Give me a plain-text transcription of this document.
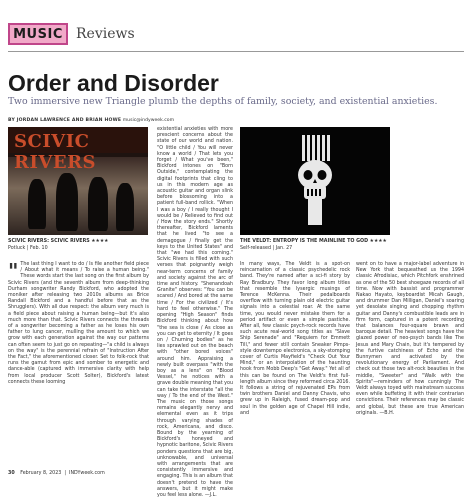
MUSIC Reviews
Order and Disorder
Two immersive new Triangle plumb the depths of family, society, and existential anxieties.
BY JORDAN LAWRENCE AND BRIAN HOWE music@indyweek.com
SCIVIC RIVERS
SCIVIC RIVERS: SCIVIC RIVERS ★★★★
Potluck | Feb. 10
THE VELDT: ENTROPY IS THE MAINLINE TO GOD ★★★★
Self-released | Jan. 27
existential anxieties with more prescient concerns about the state of our world and nation. "O little child / You will never know a world / That lets you forget / What you've been," Bickford intones on "Born Outside," contemplating the digital footprints that cling to us in this modern age as acoustic guitar and organ slink before blossoming into a patient full-band rollick. "When I was a boy / I really thought I would be / Relieved to find out / How the story ends." Shortly thereafter, Bickford laments that he lived "to see a demagogue / finally get the keys to the United States" and that "we had this coming." Scivic Rivers is filled with such verses that poignantly weigh near-term concerns of family and society against the arc of time and history. "Shenandoah Granite" observes: "You can be scared / And bored at the same time / For the civilized / It's hard to feel otherwise." The opening "High Season" finds Bickford thinking about how "the sea is close / As close as you can get to eternity / It goes on / Churning bodies" as he lies sprawled out on the beach with "other bored voices" around him. Appraising a newly built overpass "with the boy as a lens" on "Blood Vessel," he notices with a grave double meaning that you can take the interstate "all the way / To the end of the West." The music on those songs remains elegantly nervy and elemental even as it trips through varying shades of rock, Americana, and disco. Bound by the yearning of Bickford's honeyed and hypnotic baritone, Scivic Rivers ponders questions that are big, unknowable, and universal with arrangements that are consistently immersive and engaging. This is an album that doesn't pretend to have the answers, but it might make you feel less alone. —J.L.
" The last thing I want to do / Is file another field piece / About what it means / To raise a human being." These words start the last song on the first album by Scivic Rivers (and the seventh album from deep-thinking Durham songwriter Randy Bickford, who adopted the moniker after releasing two 2010s albums as Brice Randall Bickford and a handful before that as the Shrugglers). With all due respect: the album very much is a field piece about raising a human being—but it's also much more than that. Scivic Rivers connects the threads of a songwriter becoming a father as he loses his own father to lung cancer, mulling the amount to which we grow with each generation against the way our patterns can often seem to just go on repeating—"a child is always on the way" is the perennial refrain of "Instruction After the Fact," the aforementioned closer. Set to folk-rock that runs the gamut from epic and somber to energetic and dance-able (captured with immersive clarity with help from local producer Scott Solter), Bickford's latest connects these looming
In many ways, The Veldt is a spot-on reincarnation of a classic psychedelic rock band. They're named after a sci-fi story by Ray Bradbury. They favor long album titles that resemble the lysergic musings of Terence McKenna. Their pedalboards overflow with turning plain old electric guitar signals into a celestial roar. At the same time, you would never mistake them for a period artifact or even a simple pastiche. After all, few classic psych-rock records have such acute real-world song titles as "Slave Ship Serenade" and "Requiem for Emmett Till," and fewer still contain Sneaker Pimps-style downtempo electronica, a sky-stomping cover of Curtis Mayfield's "Check Out Your Mind," or an interpolation of the haunting hook from Mobb Deep's "Get Away." Yet all of this can be found on The Veldt's first full-length album since they reformed circa 2016. It follows a string of rejuvenated EPs from twin brothers Daniel and Danny Chavis, who grew up in Raleigh, fused dream-pop and soul in the golden age of Chapel Hill indie, and
went on to have a major-label adventure in New York that bequeathed us the 1994 classic Afrodisiac, which Pitchfork enshrined as one of the 50 best shoegaze records of all time. Now with bassist and programmer Nakao Hayato, keyboardist Micah Gaugh, and drummer Dan Milligan, Daniel's soaring yet desolate singing and chopping rhythm guitar and Danny's combustible leads are in firm form, captured in a potent recording that balances four-square brawn and baroque detail. The heaviest songs have the glazed power of neo-psych bands like The Jesus and Mary Chain, but it's tempered by the furtive catchiness of Echo and the Bunnymen and activated by the revolutionary energy of Parliament. And check out those two alt-rock beauties in the middle, "Sweeter" and "Walk with the Spirits"—reminders of how cunningly The Veldt always toyed with mainstream success even while buffeting it with their contrarian convictions. Their references may be classic and global, but these are true American originals. —B.H.
30 February 8, 2023  |  INDYweek.com
